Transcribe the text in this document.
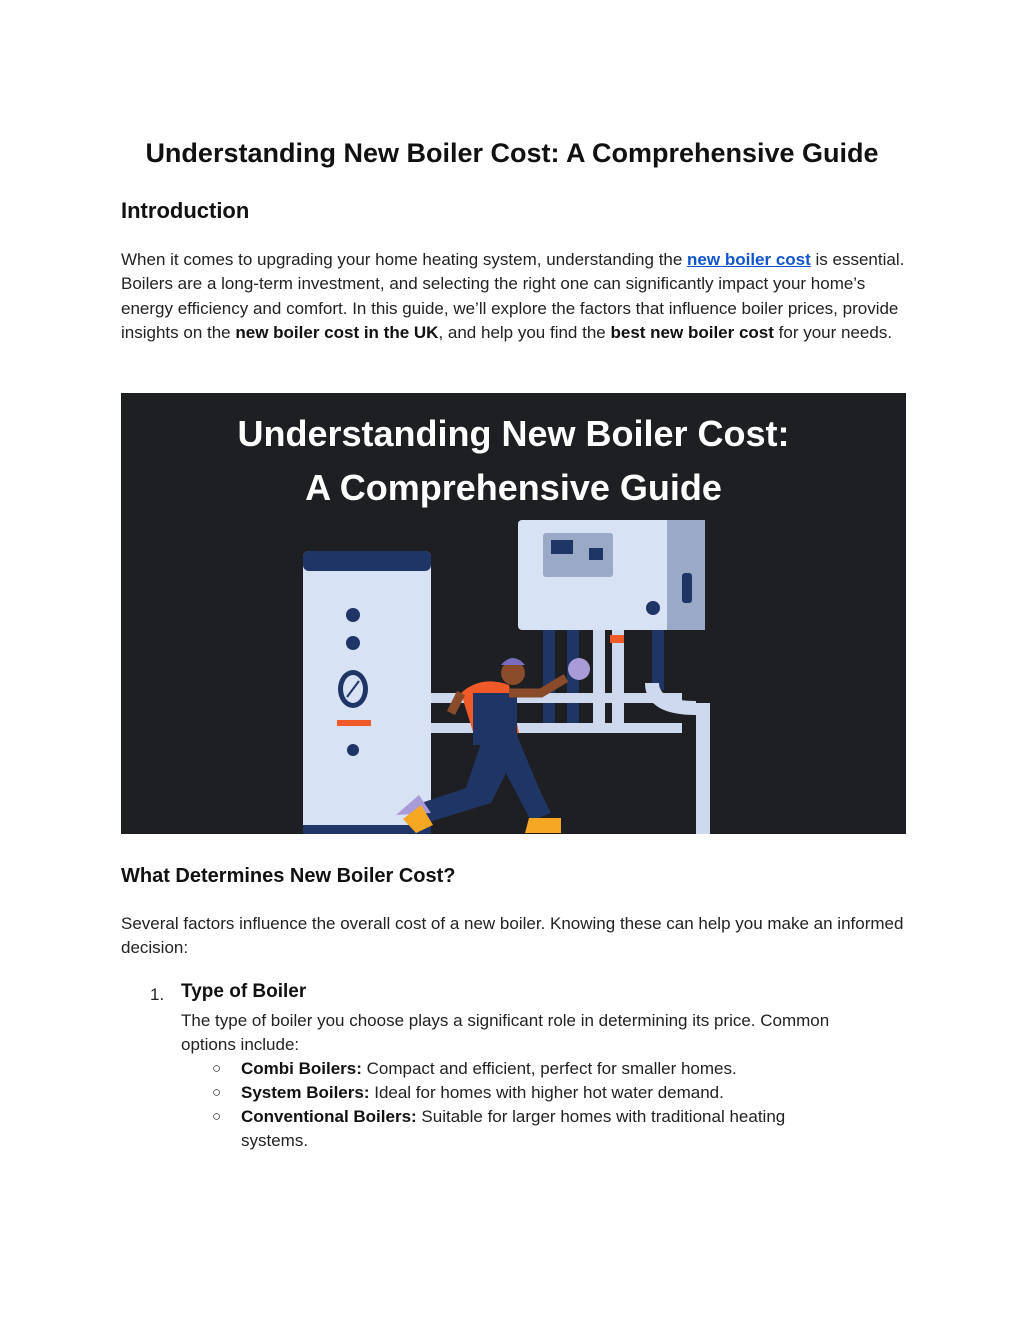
Understanding New Boiler Cost: A Comprehensive Guide
Introduction

When it comes to upgrading your home heating system, understanding the new boiler cost is essential. Boilers are a long-term investment, and selecting the right one can significantly impact your home’s energy efficiency and comfort. In this guide, we’ll explore the factors that influence boiler prices, provide insights on the new boiler cost in the UK, and help you find the best new boiler cost for your needs.

Understanding New Boiler Cost:

A Comprehensive Guide

What Determines New Boiler Cost?

Several factors influence the overall cost of a new boiler. Knowing these can help you make an informed decision:

1. Type of Boiler

The type of boiler you choose plays a significant role in determining its price. Common options include:

○ Combi Boilers: Compact and efficient, perfect for smaller homes.
○ System Boilers: Ideal for homes with higher hot water demand.
○ Conventional Boilers: Suitable for larger homes with traditional heating systems.
